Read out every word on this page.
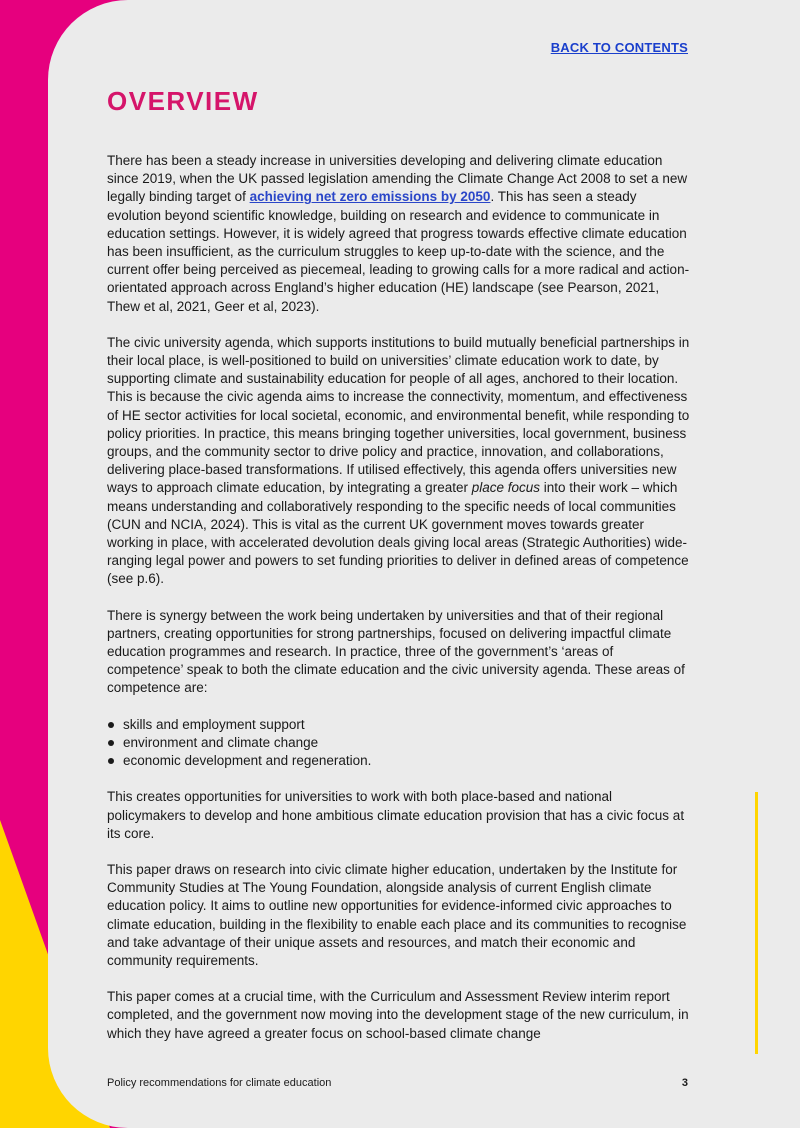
BACK TO CONTENTS
OVERVIEW

There has been a steady increase in universities developing and delivering climate education since 2019, when the UK passed legislation amending the Climate Change Act 2008 to set a new legally binding target of achieving net zero emissions by 2050. This has seen a steady evolution beyond scientific knowledge, building on research and evidence to communicate in education settings. However, it is widely agreed that progress towards effective climate education has been insufficient, as the curriculum struggles to keep up-to-date with the science, and the current offer being perceived as piecemeal, leading to growing calls for a more radical and action-orientated approach across England’s higher education (HE) landscape (see Pearson, 2021, Thew et al, 2021, Geer et al, 2023).

The civic university agenda, which supports institutions to build mutually beneficial partnerships in their local place, is well-positioned to build on universities’ climate education work to date, by supporting climate and sustainability education for people of all ages, anchored to their location. This is because the civic agenda aims to increase the connectivity, momentum, and effectiveness of HE sector activities for local societal, economic, and environmental benefit, while responding to policy priorities. In practice, this means bringing together universities, local government, business groups, and the community sector to drive policy and practice, innovation, and collaborations, delivering place-based transformations. If utilised effectively, this agenda offers universities new ways to approach climate education, by integrating a greater place focus into their work – which means understanding and collaboratively responding to the specific needs of local communities (CUN and NCIA, 2024). This is vital as the current UK government moves towards greater working in place, with accelerated devolution deals giving local areas (Strategic Authorities) wide-ranging legal power and powers to set funding priorities to deliver in defined areas of competence (see p.6).

There is synergy between the work being undertaken by universities and that of their regional partners, creating opportunities for strong partnerships, focused on delivering impactful climate education programmes and research. In practice, three of the government’s ‘areas of competence’ speak to both the climate education and the civic university agenda. These areas of competence are:

skills and employment support
environment and climate change
economic development and regeneration.

This creates opportunities for universities to work with both place-based and national policymakers to develop and hone ambitious climate education provision that has a civic focus at its core.

This paper draws on research into civic climate higher education, undertaken by the Institute for Community Studies at The Young Foundation, alongside analysis of current English climate education policy. It aims to outline new opportunities for evidence-informed civic approaches to climate education, building in the flexibility to enable each place and its communities to recognise and take advantage of their unique assets and resources, and match their economic and community requirements.

This paper comes at a crucial time, with the Curriculum and Assessment Review interim report completed, and the government now moving into the development stage of the new curriculum, in which they have agreed a greater focus on school-based climate change

Policy recommendations for climate education	3
